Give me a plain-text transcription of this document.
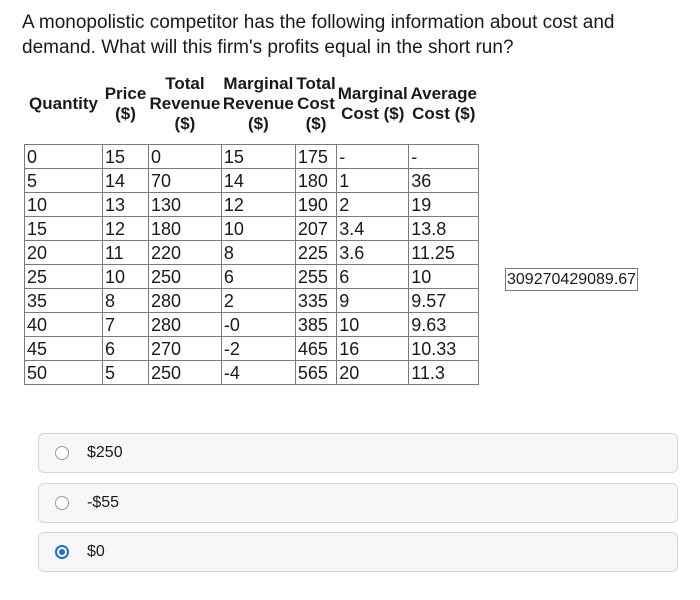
A monopolistic competitor has the following information about cost and demand. What will this firm's profits equal in the short run?
Quantity	Price ($)	Total Revenue ($)	Marginal Revenue ($)	Total Cost ($)	Marginal Cost ($)	Average Cost ($)
0	15	0	15	175	-	-
5	14	70	14	180	1	36
10	13	130	12	190	2	19
15	12	180	10	207	3.4	13.8
20	11	220	8	225	3.6	11.25
25	10	250	6	255	6	10
35	8	280	2	335	9	9.57
40	7	280	-0	385	10	9.63
45	6	270	-2	465	16	10.33
50	5	250	-4	565	20	11.3
309270429089.67
$250
-$55
$0
